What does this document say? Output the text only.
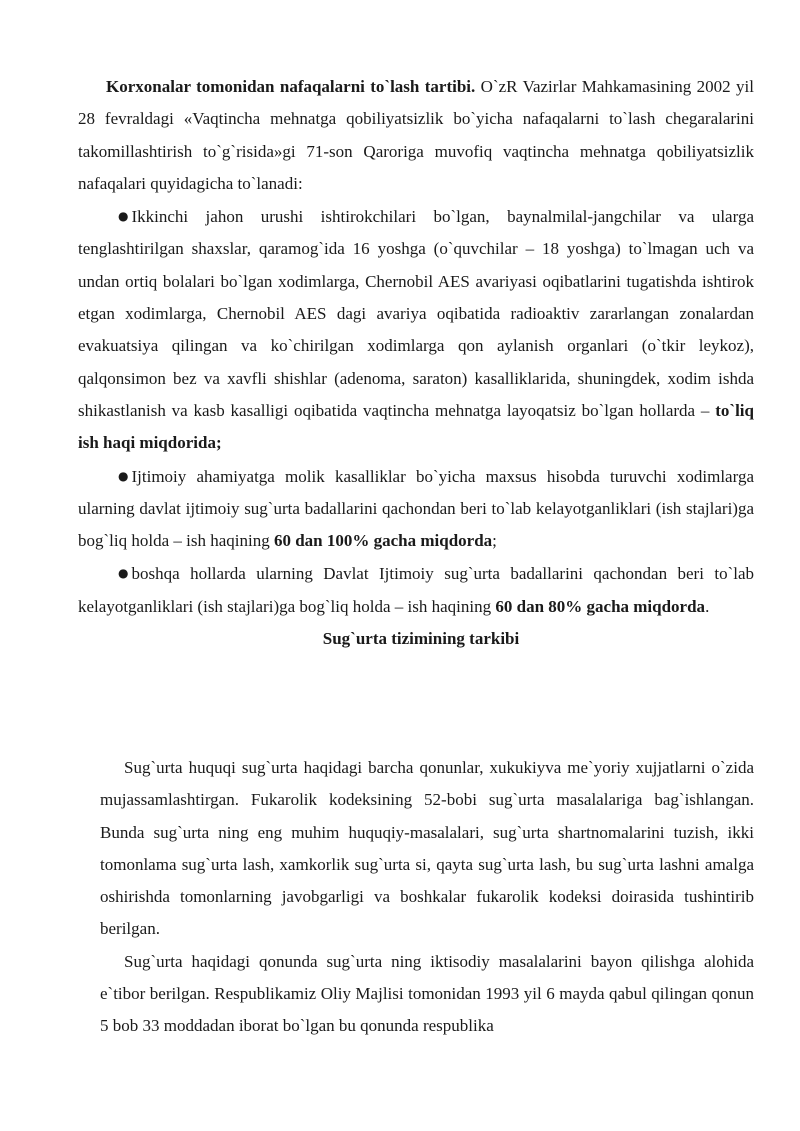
Korxonalar tomonidan nafaqalarni to`lash tartibi. O`zR Vazirlar Mahkamasining 2002 yil 28 fevraldagi «Vaqtincha mehnatga qobiliyatsizlik bo`yicha nafaqalarni to`lash chegaralarini takomillashtirish to`g`risida»gi 71-son Qaroriga muvofiq vaqtincha mehnatga qobiliyatsizlik nafaqalari quyidagicha to`lanadi:

● Ikkinchi jahon urushi ishtirokchilari bo`lgan, baynalmilal-jangchilar va ularga tenglashtirilgan shaxslar, qaramog`ida 16 yoshga (o`quvchilar – 18 yoshga) to`lmagan uch va undan ortiq bolalari bo`lgan xodimlarga, Chernobil AES avariyasi oqibatlarini tugatishda ishtirok etgan xodimlarga, Chernobil AES dagi avariya oqibatida radioaktiv zararlangan zonalardan evakuatsiya qilingan va ko`chirilgan xodimlarga qon aylanish organlari (o`tkir leykoz), qalqonsimon bez va xavfli shishlar (adenoma, saraton) kasalliklarida, shuningdek, xodim ishda shikastlanish va kasb kasalligi oqibatida vaqtincha mehnatga layoqatsiz bo`lgan hollarda – to`liq ish haqi miqdorida;

● Ijtimoiy ahamiyatga molik kasalliklar bo`yicha maxsus hisobda turuvchi xodimlarga ularning davlat ijtimoiy sug`urta badallarini qachondan beri to`lab kelayotganliklari (ish stajlari)ga bog`liq holda – ish haqining 60 dan 100% gacha miqdorda;

● boshqa hollarda ularning Davlat Ijtimoiy sug`urta badallarini qachondan beri to`lab kelayotganliklari (ish stajlari)ga bog`liq holda – ish haqining 60 dan 80% gacha miqdorda.

Sug`urta tizimining tarkibi

Sug`urta huquqi sug`urta haqidagi barcha qonunlar, xukukiyva me`yoriy xujjatlarni o`zida mujassamlashtirgan. Fukarolik kodeksining 52-bobi sug`urta masalalariga bag`ishlangan. Bunda sug`urta ning eng muhim huquqiy-masalalari, sug`urta shartnomalarini tuzish, ikki tomonlama sug`urta lash, xamkorlik sug`urta si, qayta sug`urta lash, bu sug`urta lashni amalga oshirishda tomonlarning javobgarligi va boshkalar fukarolik kodeksi doirasida tushintirib berilgan.

Sug`urta haqidagi qonunda sug`urta ning iktisodiy masalalarini bayon qilishga alohida e`tibor berilgan. Respublikamiz Oliy Majlisi tomonidan 1993 yil 6 mayda qabul qilingan qonun 5 bob 33 moddadan iborat bo`lgan bu qonunda respublika
